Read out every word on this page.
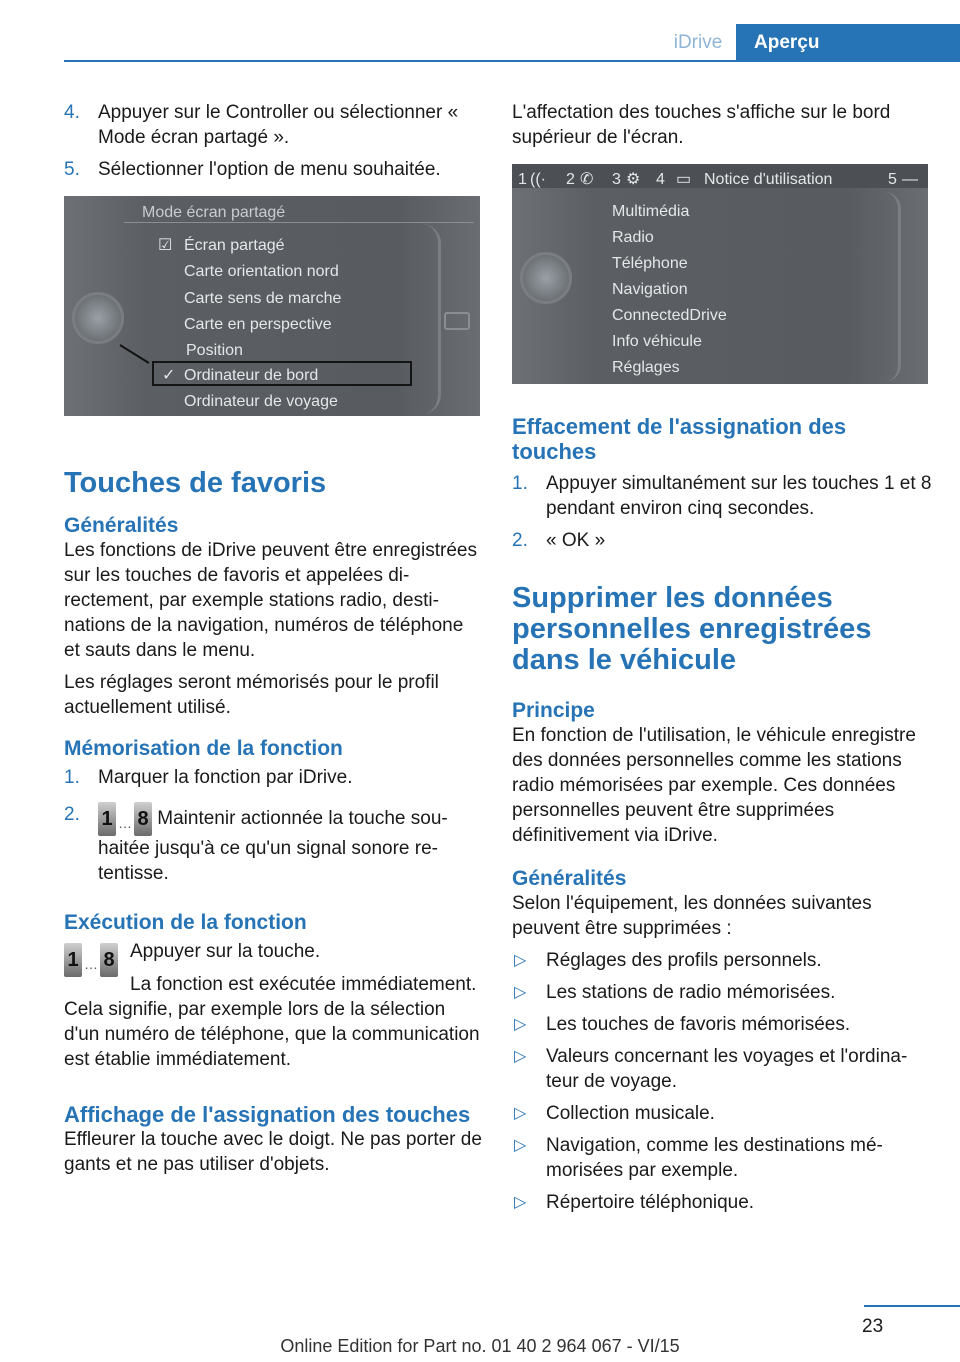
iDrive	Aperçu
4. Appuyer sur le Controller ou sélectionner « Mode écran partagé ».
5. Sélectionner l'option de menu souhaitée.
Mode écran partagé
☑ Écran partagé
Carte orientation nord
Carte sens de marche
Carte en perspective
Position
✓ Ordinateur de bord
Ordinateur de voyage
Touches de favoris
Généralités

Les fonctions de iDrive peuvent être enregistrées sur les touches de favoris et appelées directement, par exemple stations radio, destinations de la navigation, numéros de téléphone et sauts dans le menu.

Les réglages seront mémorisés pour le profil actuellement utilisé.

Mémorisation de la fonction
1. Marquer la fonction par iDrive.
2. 1 … 8 Maintenir actionnée la touche souhaitée jusqu'à ce qu'un signal sonore retentisse.
Exécution de la fonction
1 … 8 Appuyer sur la touche.

La fonction est exécutée immédiatement. Cela signifie, par exemple lors de la sélection d'un numéro de téléphone, que la communication est établie immédiatement.

Affichage de l'assignation des touches

Effleurer la touche avec le doigt. Ne pas porter de gants et ne pas utiliser d'objets.

L'affectation des touches s'affiche sur le bord supérieur de l'écran.

1 ((· 2 ✆ 3 ⚙ 4 ▭ Notice d'utilisation	5 —
Multimédia
Radio
Téléphone
Navigation
ConnectedDrive
Info véhicule
Réglages
Effacement de l'assignation des touches
1. Appuyer simultanément sur les touches 1 et 8 pendant environ cinq secondes.
2. « OK »
Supprimer les données personnelles enregistrées dans le véhicule
Principe

En fonction de l'utilisation, le véhicule enregistre des données personnelles comme les stations radio mémorisées par exemple. Ces données personnelles peuvent être supprimées définitivement via iDrive.

Généralités

Selon l'équipement, les données suivantes peuvent être supprimées :

▷ Réglages des profils personnels.
▷ Les stations de radio mémorisées.
▷ Les touches de favoris mémorisées.
▷ Valeurs concernant les voyages et l'ordinateur de voyage.
▷ Collection musicale.
▷ Navigation, comme les destinations mémorisées par exemple.
▷ Répertoire téléphonique.
23
Online Edition for Part no. 01 40 2 964 067 - VI/15
